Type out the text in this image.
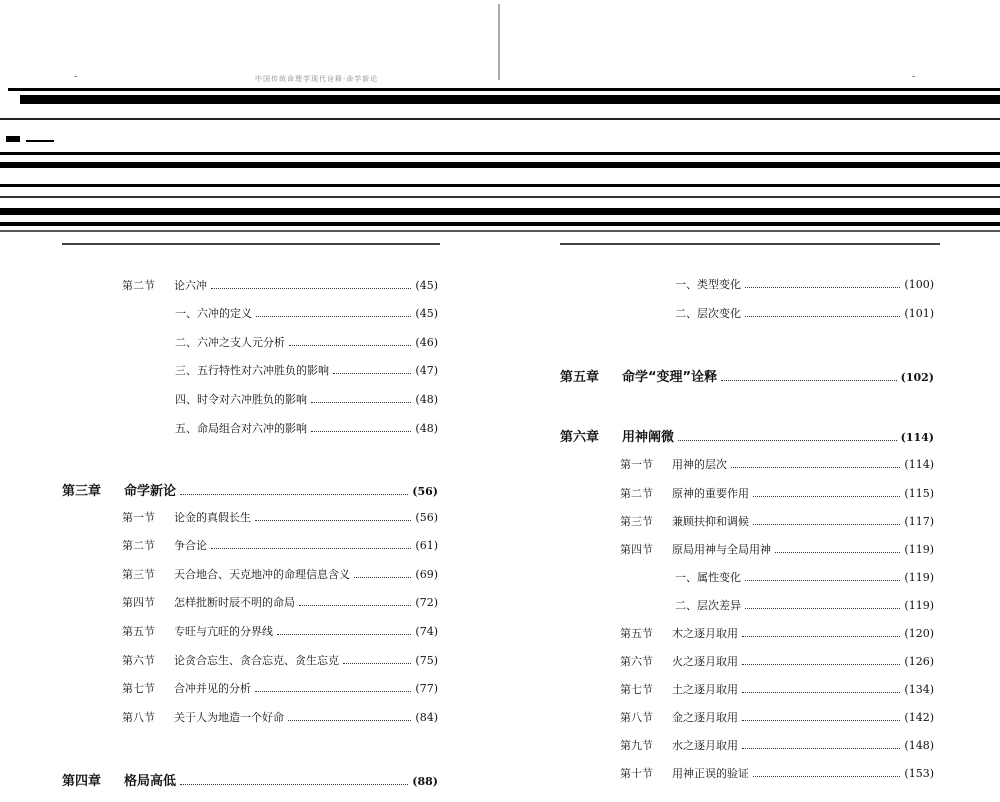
中国传统命理学现代诠释·命学新论
-	-
第二节	论六冲	(45)
一、六冲的定义	(45)
二、六冲之支人元分析	(46)
三、五行特性对六冲胜负的影响	(47)
四、时令对六冲胜负的影响	(48)
五、命局组合对六冲的影响	(48)
第三章	命学新论	(56)
第一节	论金的真假长生	(56)
第二节	争合论	(61)
第三节	天合地合、天克地冲的命理信息含义	(69)
第四节	怎样批断时辰不明的命局	(72)
第五节	专旺与亢旺的分界线	(74)
第六节	论贪合忘生、贪合忘克、贪生忘克	(75)
第七节	合冲并见的分析	(77)
第八节	关于人为地造一个好命	(84)
第四章	格局高低	(88)
一、类型变化	(100)
二、层次变化	(101)
第五章	命学“变理”诠释	(102)
第六章	用神阐微	(114)
第一节	用神的层次	(114)
第二节	原神的重要作用	(115)
第三节	兼顾扶抑和调候	(117)
第四节	原局用神与全局用神	(119)
一、属性变化	(119)
二、层次差异	(119)
第五节	木之逐月取用	(120)
第六节	火之逐月取用	(126)
第七节	土之逐月取用	(134)
第八节	金之逐月取用	(142)
第九节	水之逐月取用	(148)
第十节	用神正误的验证	(153)
